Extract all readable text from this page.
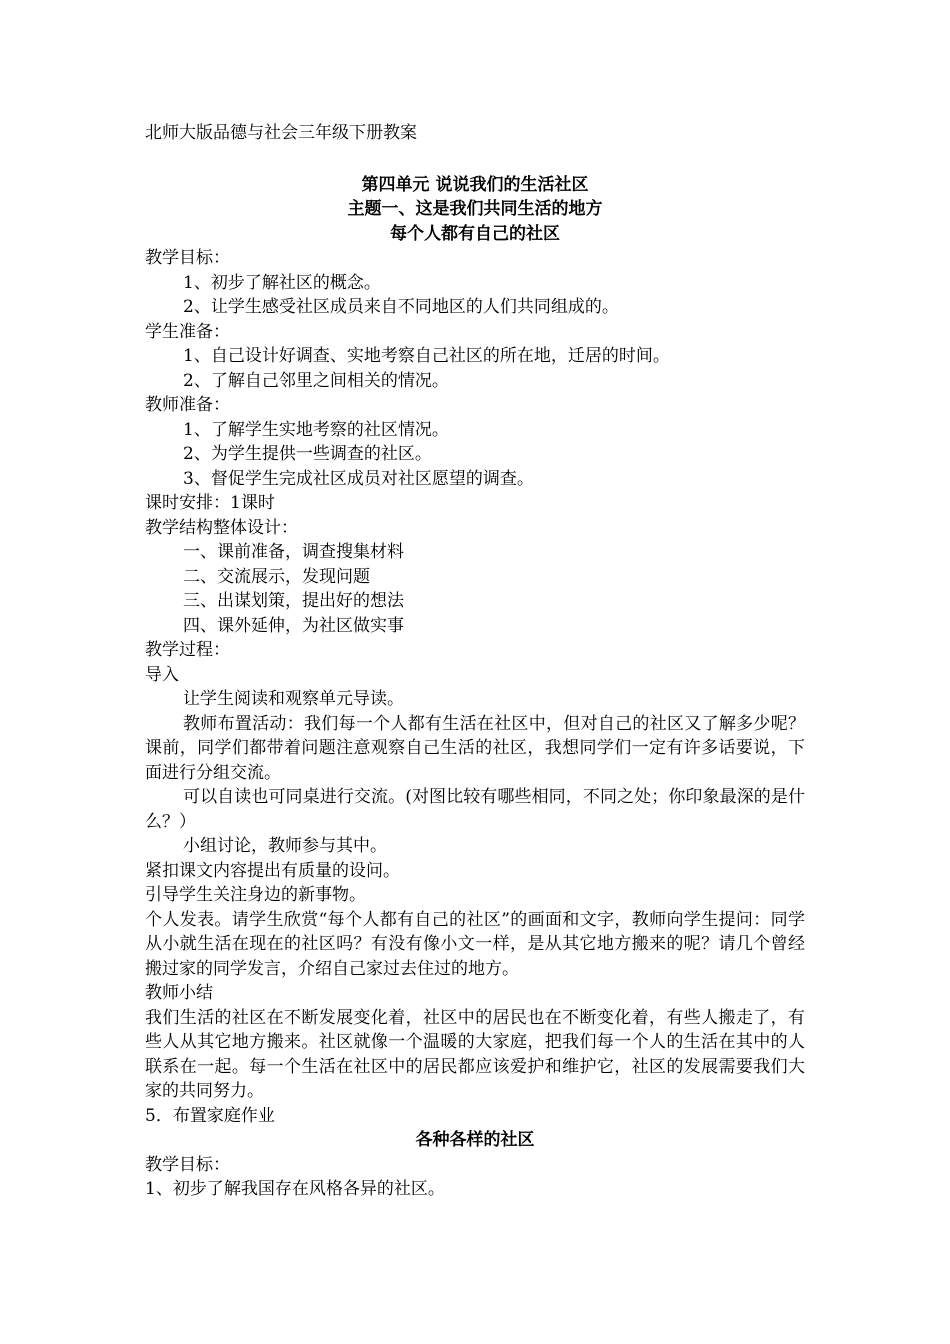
北师大版品德与社会三年级下册教案
第四单元 说说我们的生活社区
主题一、这是我们共同生活的地方
每个人都有自己的社区
教学目标：
1、初步了解社区的概念。
2、让学生感受社区成员来自不同地区的人们共同组成的。
学生准备：
1、自己设计好调查、实地考察自己社区的所在地，迁居的时间。
2、了解自己邻里之间相关的情况。
教师准备：
1、了解学生实地考察的社区情况。
2、为学生提供一些调查的社区。
3、督促学生完成社区成员对社区愿望的调查。
课时安排：1课时
教学结构整体设计：
一、课前准备，调查搜集材料
二、交流展示，发现问题
三、出谋划策，提出好的想法
四、课外延伸，为社区做实事
教学过程：
导入
让学生阅读和观察单元导读。
教师布置活动：我们每一个人都有生活在社区中，但对自己的社区又了解多少呢？课前，同学们都带着问题注意观察自己生活的社区，我想同学们一定有许多话要说，下面进行分组交流。
可以自读也可同桌进行交流。(对图比较有哪些相同，不同之处；你印象最深的是什么？）
小组讨论，教师参与其中。
紧扣课文内容提出有质量的设问。
引导学生关注身边的新事物。
个人发表。请学生欣赏“每个人都有自己的社区”的画面和文字，教师向学生提问：同学从小就生活在现在的社区吗？有没有像小文一样，是从其它地方搬来的呢？请几个曾经搬过家的同学发言，介绍自己家过去住过的地方。
教师小结
我们生活的社区在不断发展变化着，社区中的居民也在不断变化着，有些人搬走了，有些人从其它地方搬来。社区就像一个温暖的大家庭，把我们每一个人的生活在其中的人联系在一起。每一个生活在社区中的居民都应该爱护和维护它，社区的发展需要我们大家的共同努力。
5．布置家庭作业
各种各样的社区
教学目标：
1、初步了解我国存在风格各异的社区。
